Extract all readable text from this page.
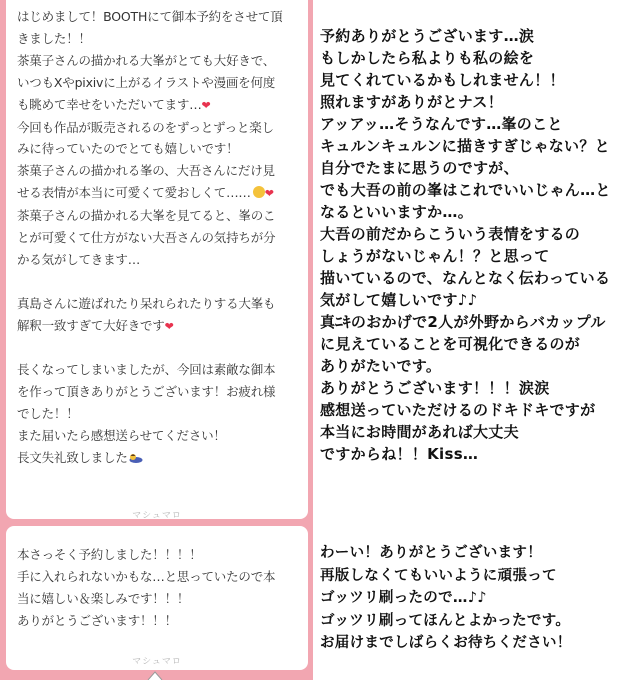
はじめまして！BOOTHにて御本予約をさせて頂
きました！！
茶菓子さんの描かれる大峯がとても大好きで、
いつもXやpixivに上がるイラストや漫画を何度
も眺めて幸せをいただいてます…❤
今回も作品が販売されるのをずっとずっと楽し
みに待っていたのでとても嬉しいです！
茶菓子さんの描かれる峯の、大吾さんにだけ見
せる表情が本当に可愛くて愛おしくて…… ❤
茶菓子さんの描かれる大峯を見てると、峯のこ
とが可愛くて仕方がない大吾さんの気持ちが分
かる気がしてきます…
真島さんに遊ばれたり呆れられたりする大峯も
解釈一致すぎて大好きです❤
長くなってしまいましたが、今回は素敵な御本
を作って頂きありがとうございます！お疲れ様
でした！！
また届いたら感想送らせてください！
長文失礼致しました
マシュマロ
本さっそく予約しました！！！！
手に入れられないかもな…と思っていたので本
当に嬉しい＆楽しみです！！！
ありがとうございます！！！
マシュマロ
予約ありがとうございます…涙
もしかしたら私よりも私の絵を
見てくれているかもしれません！！
照れますがありがとナス！
アッアッ…そうなんです…峯のこと
キュルンキュルンに描きすぎじゃない？と
自分でたまに思うのですが、
でも大吾の前の峯はこれでいいじゃん…と
なるといいますか…。
大吾の前だからこういう表情をするの
しょうがないじゃん！？と思って
描いているので、なんとなく伝わっている
気がして嬉しいです♪♪
真ﾆｷのおかげで2人が外野からバカップル
に見えていることを可視化できるのが
ありがたいです。
ありがとうございます！！！涙涙
感想送っていただけるのドキドキですが
本当にお時間があれば大丈夫
ですからね！！Kiss…
わーい！ありがとうございます！
再版しなくてもいいように頑張って
ゴッツリ刷ったので…♪♪
ゴッツリ刷ってほんとよかったです。
お届けまでしばらくお待ちください！
